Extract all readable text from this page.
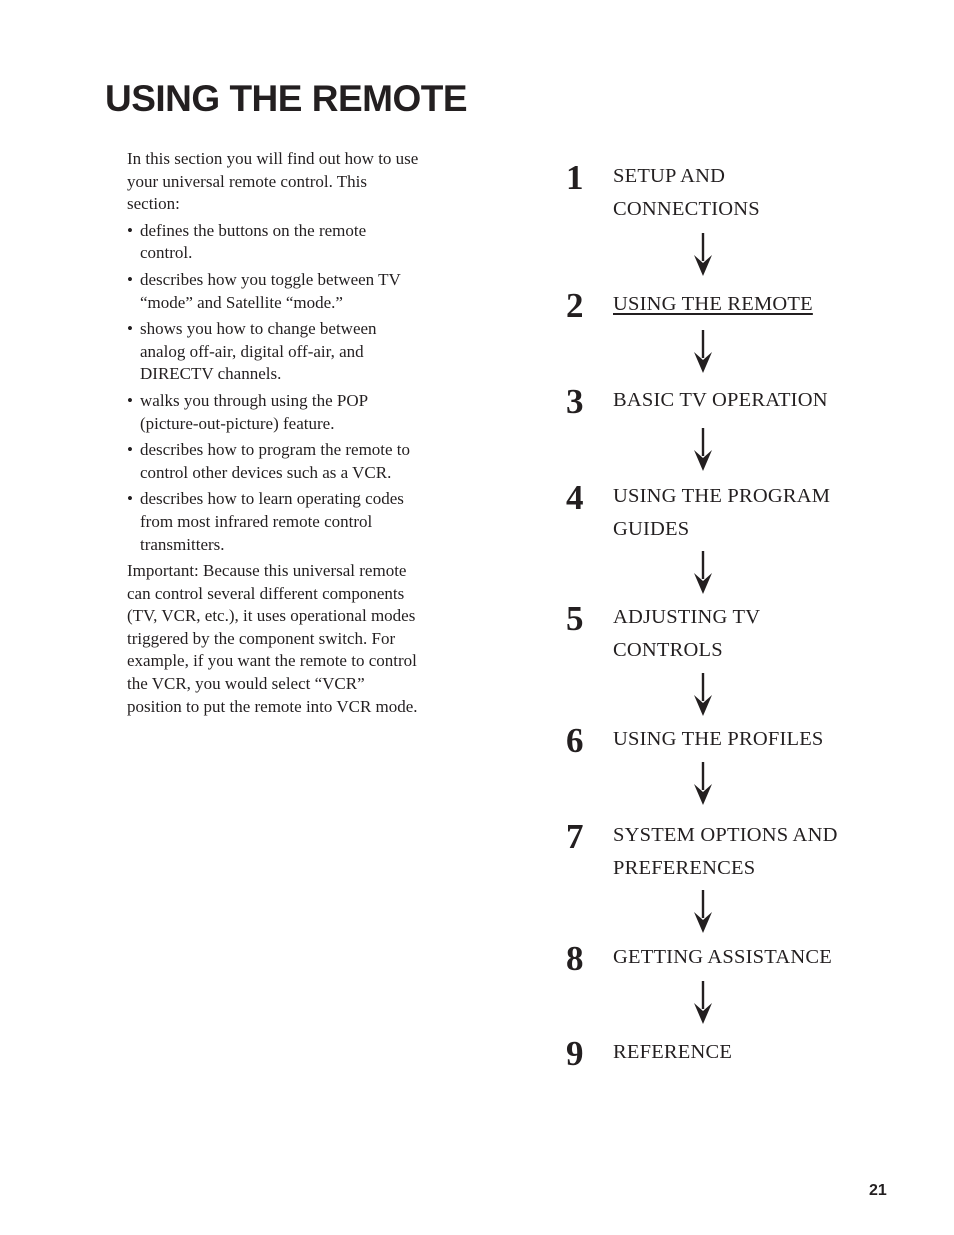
USING THE REMOTE

In this section you will find out how to use your universal remote control. This section:

• defines the buttons on the remote control.
• describes how you toggle between TV “mode” and Satellite “mode.”
• shows you how to change between analog off-air, digital off-air, and DIRECTV channels.
• walks you through using the POP (picture-out-picture) feature.
• describes how to program the remote to control other devices such as a VCR.
• describes how to learn operating codes from most infrared remote control transmitters.

Important: Because this universal remote can control several different components (TV, VCR, etc.), it uses operational modes triggered by the component switch. For example, if you want the remote to control the VCR, you would select “VCR” position to put the remote into VCR mode.

1	SETUP AND CONNECTIONS
2	USING THE REMOTE
3	BASIC TV OPERATION
4	USING THE PROGRAM GUIDES
5	ADJUSTING TV CONTROLS
6	USING THE PROFILES
7	SYSTEM OPTIONS AND PREFERENCES
8	GETTING ASSISTANCE
9	REFERENCE
21
